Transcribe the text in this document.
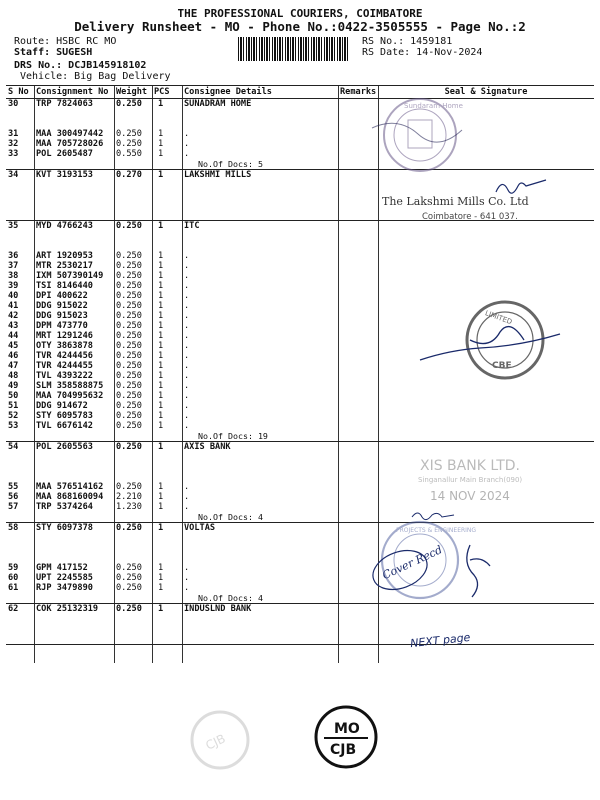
THE PROFESSIONAL COURIERS, COIMBATORE
Delivery Runsheet - MO - Phone No.:0422-3505555 - Page No.:2
Route: HSBC RC MO
Staff: SUGESH
DRS No.: DCJB145918102
Vehicle: Big Bag Delivery
RS No.: 1459181
RS Date: 14-Nov-2024
S No	Consignment No	Weight	PCS	Consignee Details	Remarks	Seal & Signature
30	TRP 7824063	0.250	1	SUNADRAM HOME		

31	MAA 300497442	0.250	1	.		
32	MAA 705728026	0.250	1	.		
33	POL 2605487	0.550	1	.		
				No.Of Docs: 5		
34	KVT 3193153	0.270	1	LAKSHMI MILLS		

35	MYD 4766243	0.250	1	ITC		

36	ART 1920953	0.250	1	.		
37	MTR 2530217	0.250	1	.		
38	IXM 507390149	0.250	1	.		
39	TSI 8146440	0.250	1	.		
40	DPI 400622	0.250	1	.		
41	DDG 915022	0.250	1	.		
42	DDG 915023	0.250	1	.		
43	DPM 473770	0.250	1	.		
44	MRT 1291246	0.250	1	.		
45	OTY 3863878	0.250	1	.		
46	TVR 4244456	0.250	1	.		
47	TVR 4244455	0.250	1	.		
48	TVL 4393222	0.250	1	.		
49	SLM 358588875	0.250	1	.		
50	MAA 704995632	0.250	1	.		
51	DDG 914672	0.250	1	.		
52	STY 6095783	0.250	1	.		
53	TVL 6676142	0.250	1	.		
				No.Of Docs: 19		
54	POL 2605563	0.250	1	AXIS BANK		

55	MAA 576514162	0.250	1	.		
56	MAA 868160094	2.210	1	.		
57	TRP 5374264	1.230	1	.		
				No.Of Docs: 4		
58	STY 6097378	0.250	1	VOLTAS		

59	GPM 417152	0.250	1	.		
60	UPT 2245585	0.250	1	.		
61	RJP 3479890	0.250	1	.		
				No.Of Docs: 4		
62	COK 25132319	0.250	1	INDUSLND BANK		

Sundaram Home
The Lakshmi Mills Co. Ltd
Coimbatore - 641 037.
LIMITED
CBE
XIS BANK LTD.
Singanallur Main Branch(090)
14 NOV 2024
PROJECTS & ENGINEERING
Cover Recd
NEXT page
MO
CJB
CJB
